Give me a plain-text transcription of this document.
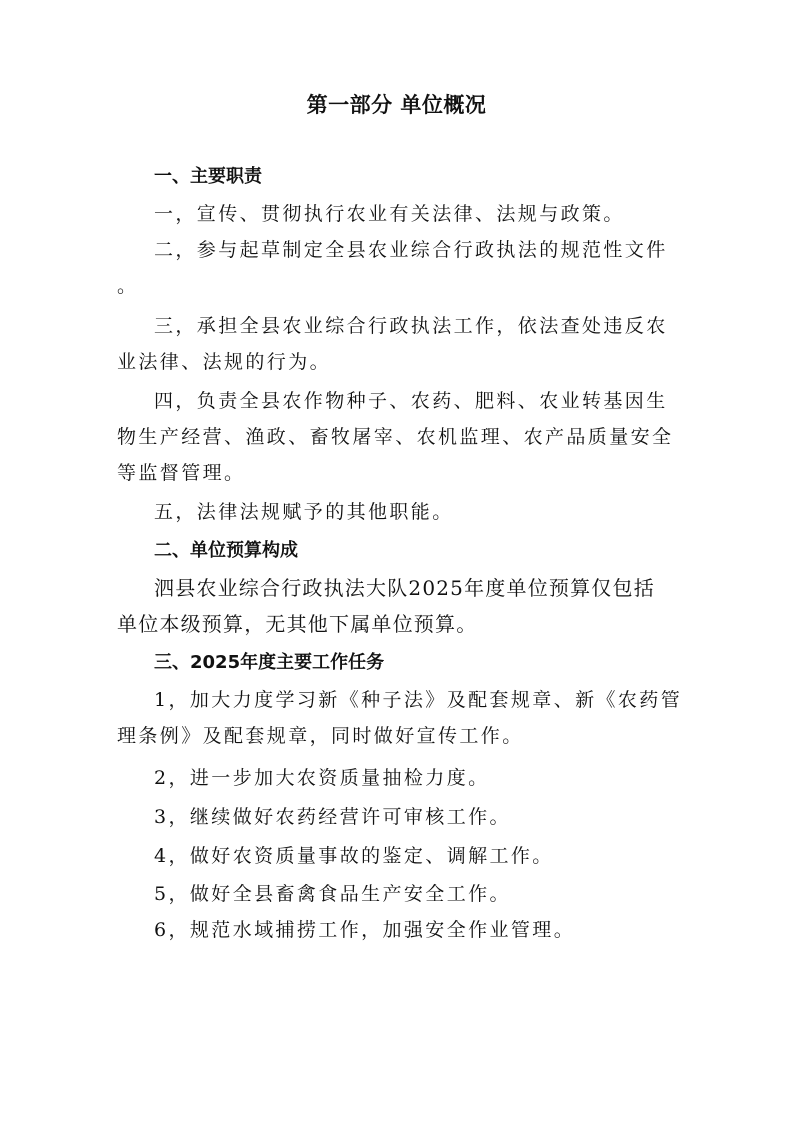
第一部分 单位概况
一、主要职责
一，宣传、贯彻执行农业有关法律、法规与政策。
二，参与起草制定全县农业综合行政执法的规范性文件
。
三，承担全县农业综合行政执法工作，依法查处违反农
业法律、法规的行为。
四，负责全县农作物种子、农药、肥料、农业转基因生
物生产经营、渔政、畜牧屠宰、农机监理、农产品质量安全
等监督管理。
五，法律法规赋予的其他职能。
二、单位预算构成
泗县农业综合行政执法大队2025年度单位预算仅包括
单位本级预算，无其他下属单位预算。
三、2025年度主要工作任务
1，加大力度学习新《种子法》及配套规章、新《农药管
理条例》及配套规章，同时做好宣传工作。
2，进一步加大农资质量抽检力度。
3，继续做好农药经营许可审核工作。
4，做好农资质量事故的鉴定、调解工作。
5，做好全县畜禽食品生产安全工作。
6，规范水域捕捞工作，加强安全作业管理。
